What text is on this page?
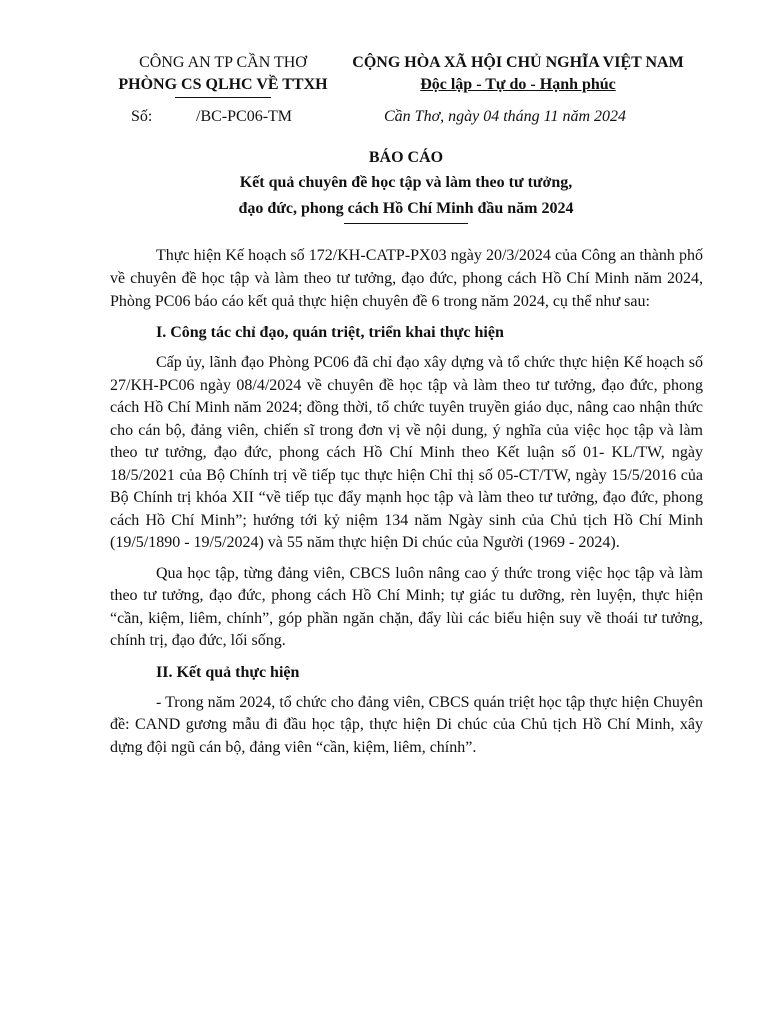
CÔNG AN TP CẦN THƠ
PHÒNG CS QLHC VỀ TTXH
CỘNG HÒA XÃ HỘI CHỦ NGHĨA VIỆT NAM
Độc lập - Tự do - Hạnh phúc
Số:	/BC-PC06-TM	Cần Thơ, ngày 04 tháng 11 năm 2024
BÁO CÁO
Kết quả chuyên đề học tập và làm theo tư tưởng,
đạo đức, phong cách Hồ Chí Minh đầu năm 2024

Thực hiện Kế hoạch số 172/KH-CATP-PX03 ngày 20/3/2024 của Công an thành phố về chuyên đề học tập và làm theo tư tưởng, đạo đức, phong cách Hồ Chí Minh năm 2024, Phòng PC06 báo cáo kết quả thực hiện chuyên đề 6 trong năm 2024, cụ thể như sau:

I. Công tác chỉ đạo, quán triệt, triển khai thực hiện

Cấp ủy, lãnh đạo Phòng PC06 đã chỉ đạo xây dựng và tổ chức thực hiện Kế hoạch số 27/KH-PC06 ngày 08/4/2024 về chuyên đề học tập và làm theo tư tưởng, đạo đức, phong cách Hồ Chí Minh năm 2024; đồng thời, tổ chức tuyên truyền giáo dục, nâng cao nhận thức cho cán bộ, đảng viên, chiến sĩ trong đơn vị về nội dung, ý nghĩa của việc học tập và làm theo tư tưởng, đạo đức, phong cách Hồ Chí Minh theo Kết luận số 01- KL/TW, ngày 18/5/2021 của Bộ Chính trị về tiếp tục thực hiện Chỉ thị số 05-CT/TW, ngày 15/5/2016 của Bộ Chính trị khóa XII “về tiếp tục đẩy mạnh học tập và làm theo tư tưởng, đạo đức, phong cách Hồ Chí Minh”; hướng tới kỷ niệm 134 năm Ngày sinh của Chủ tịch Hồ Chí Minh (19/5/1890 - 19/5/2024) và 55 năm thực hiện Di chúc của Người (1969 - 2024).

Qua học tập, từng đảng viên, CBCS luôn nâng cao ý thức trong việc học tập và làm theo tư tưởng, đạo đức, phong cách Hồ Chí Minh; tự giác tu dưỡng, rèn luyện, thực hiện “cần, kiệm, liêm, chính”, góp phần ngăn chặn, đẩy lùi các biểu hiện suy về thoái tư tưởng, chính trị, đạo đức, lối sống.

II. Kết quả thực hiện

- Trong năm 2024, tổ chức cho đảng viên, CBCS quán triệt học tập thực hiện Chuyên đề: CAND gương mẫu đi đầu học tập, thực hiện Di chúc của Chủ tịch Hồ Chí Minh, xây dựng đội ngũ cán bộ, đảng viên “cần, kiệm, liêm, chính”.
